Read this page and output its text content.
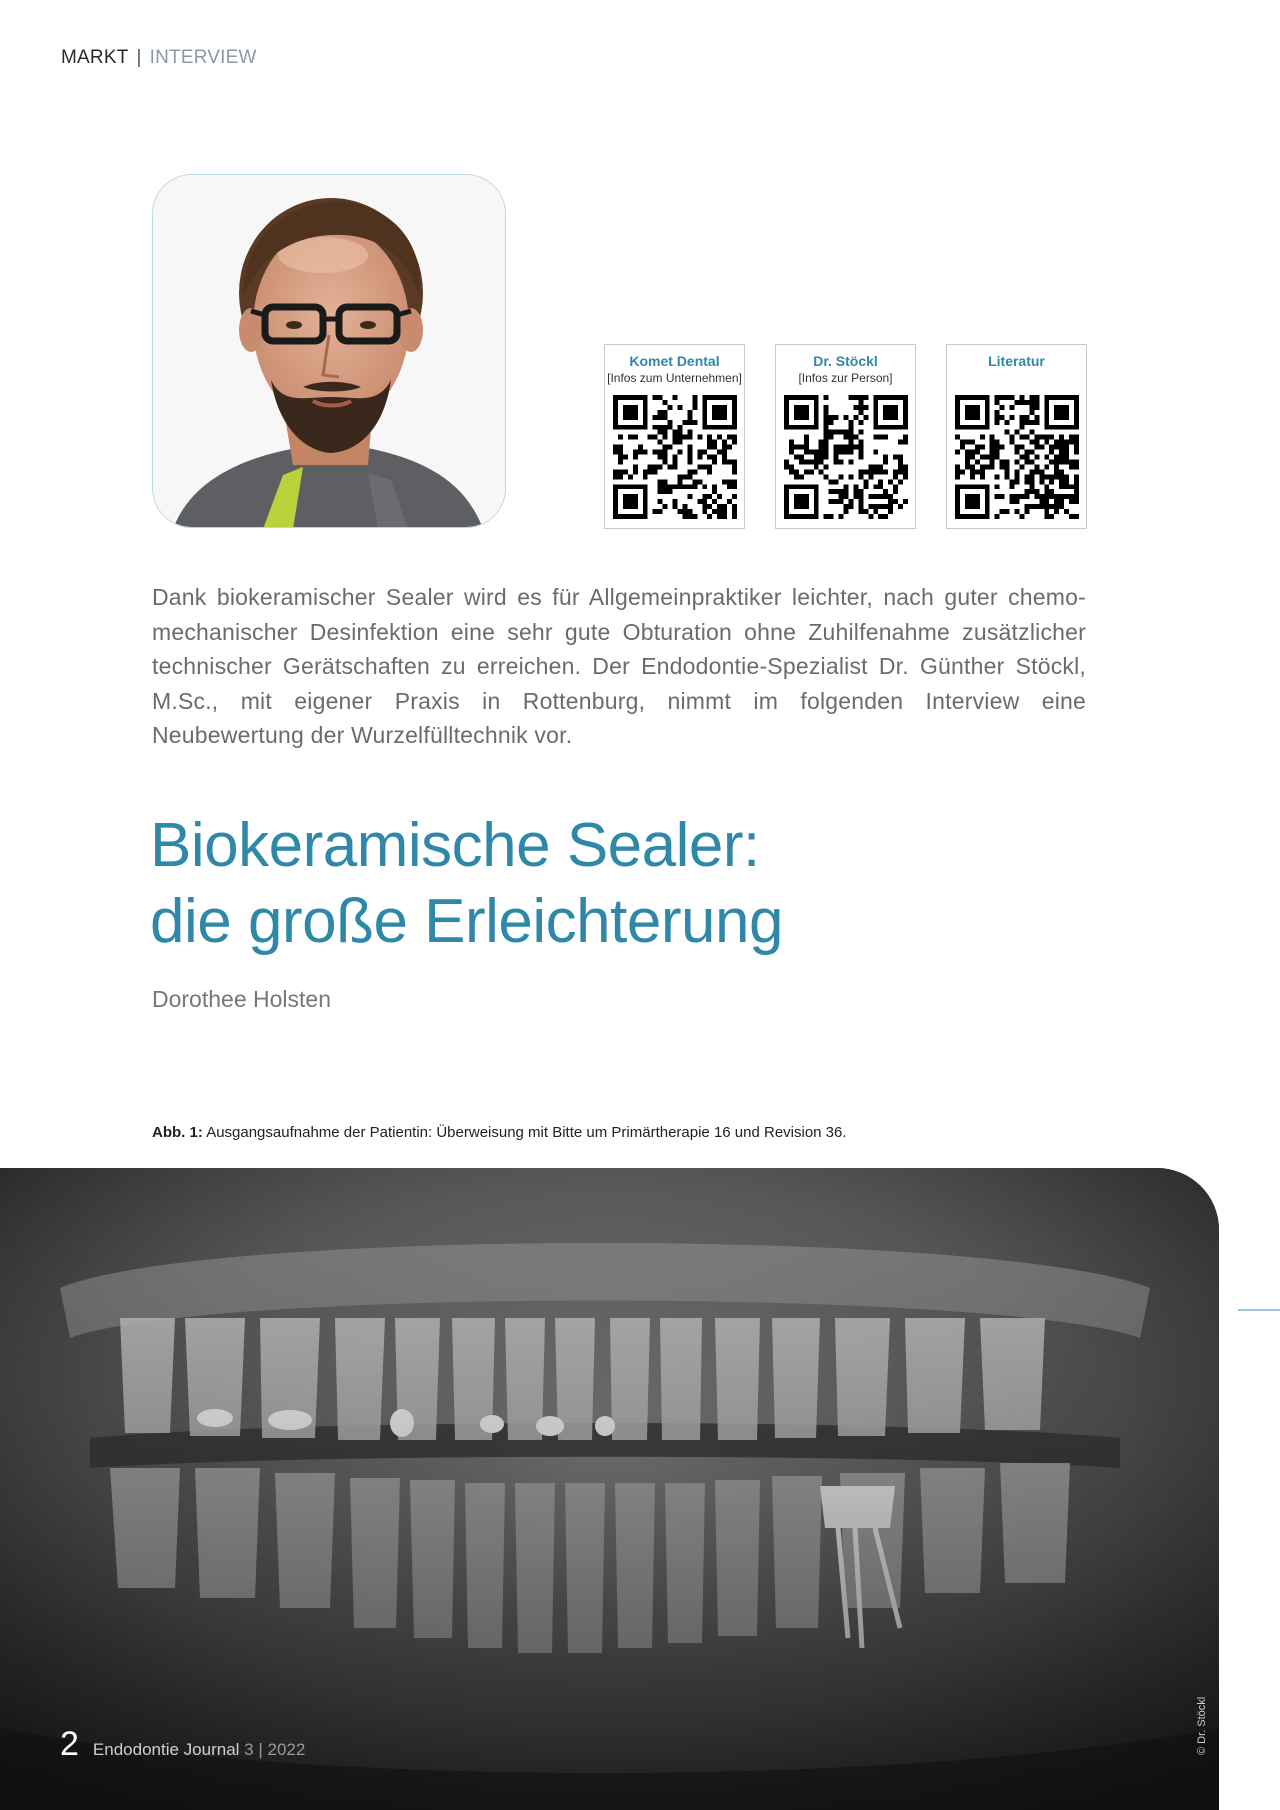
MARKT | INTERVIEW
Komet Dental
[Infos zum Unternehmen]
Dr. Stöckl
[Infos zur Person]
Literatur

Dank biokeramischer Sealer wird es für Allgemeinpraktiker leichter, nach guter chemo-mechanischer Desinfektion eine sehr gute Obturation ohne Zuhilfenahme zusätzlicher technischer Gerätschaften zu erreichen. Der Endodontie-Spezialist Dr. Günther Stöckl, M.Sc., mit eigener Praxis in Rottenburg, nimmt im folgenden Interview eine Neubewertung der Wurzelfülltechnik vor.

Biokeramische Sealer:
die große Erleichterung
Dorothee Holsten
Abb. 1: Ausgangsaufnahme der Patientin: Überweisung mit Bitte um Primärtherapie 16 und Revision 36.
© Dr. Stöckl
2 Endodontie Journal 3 | 2022
